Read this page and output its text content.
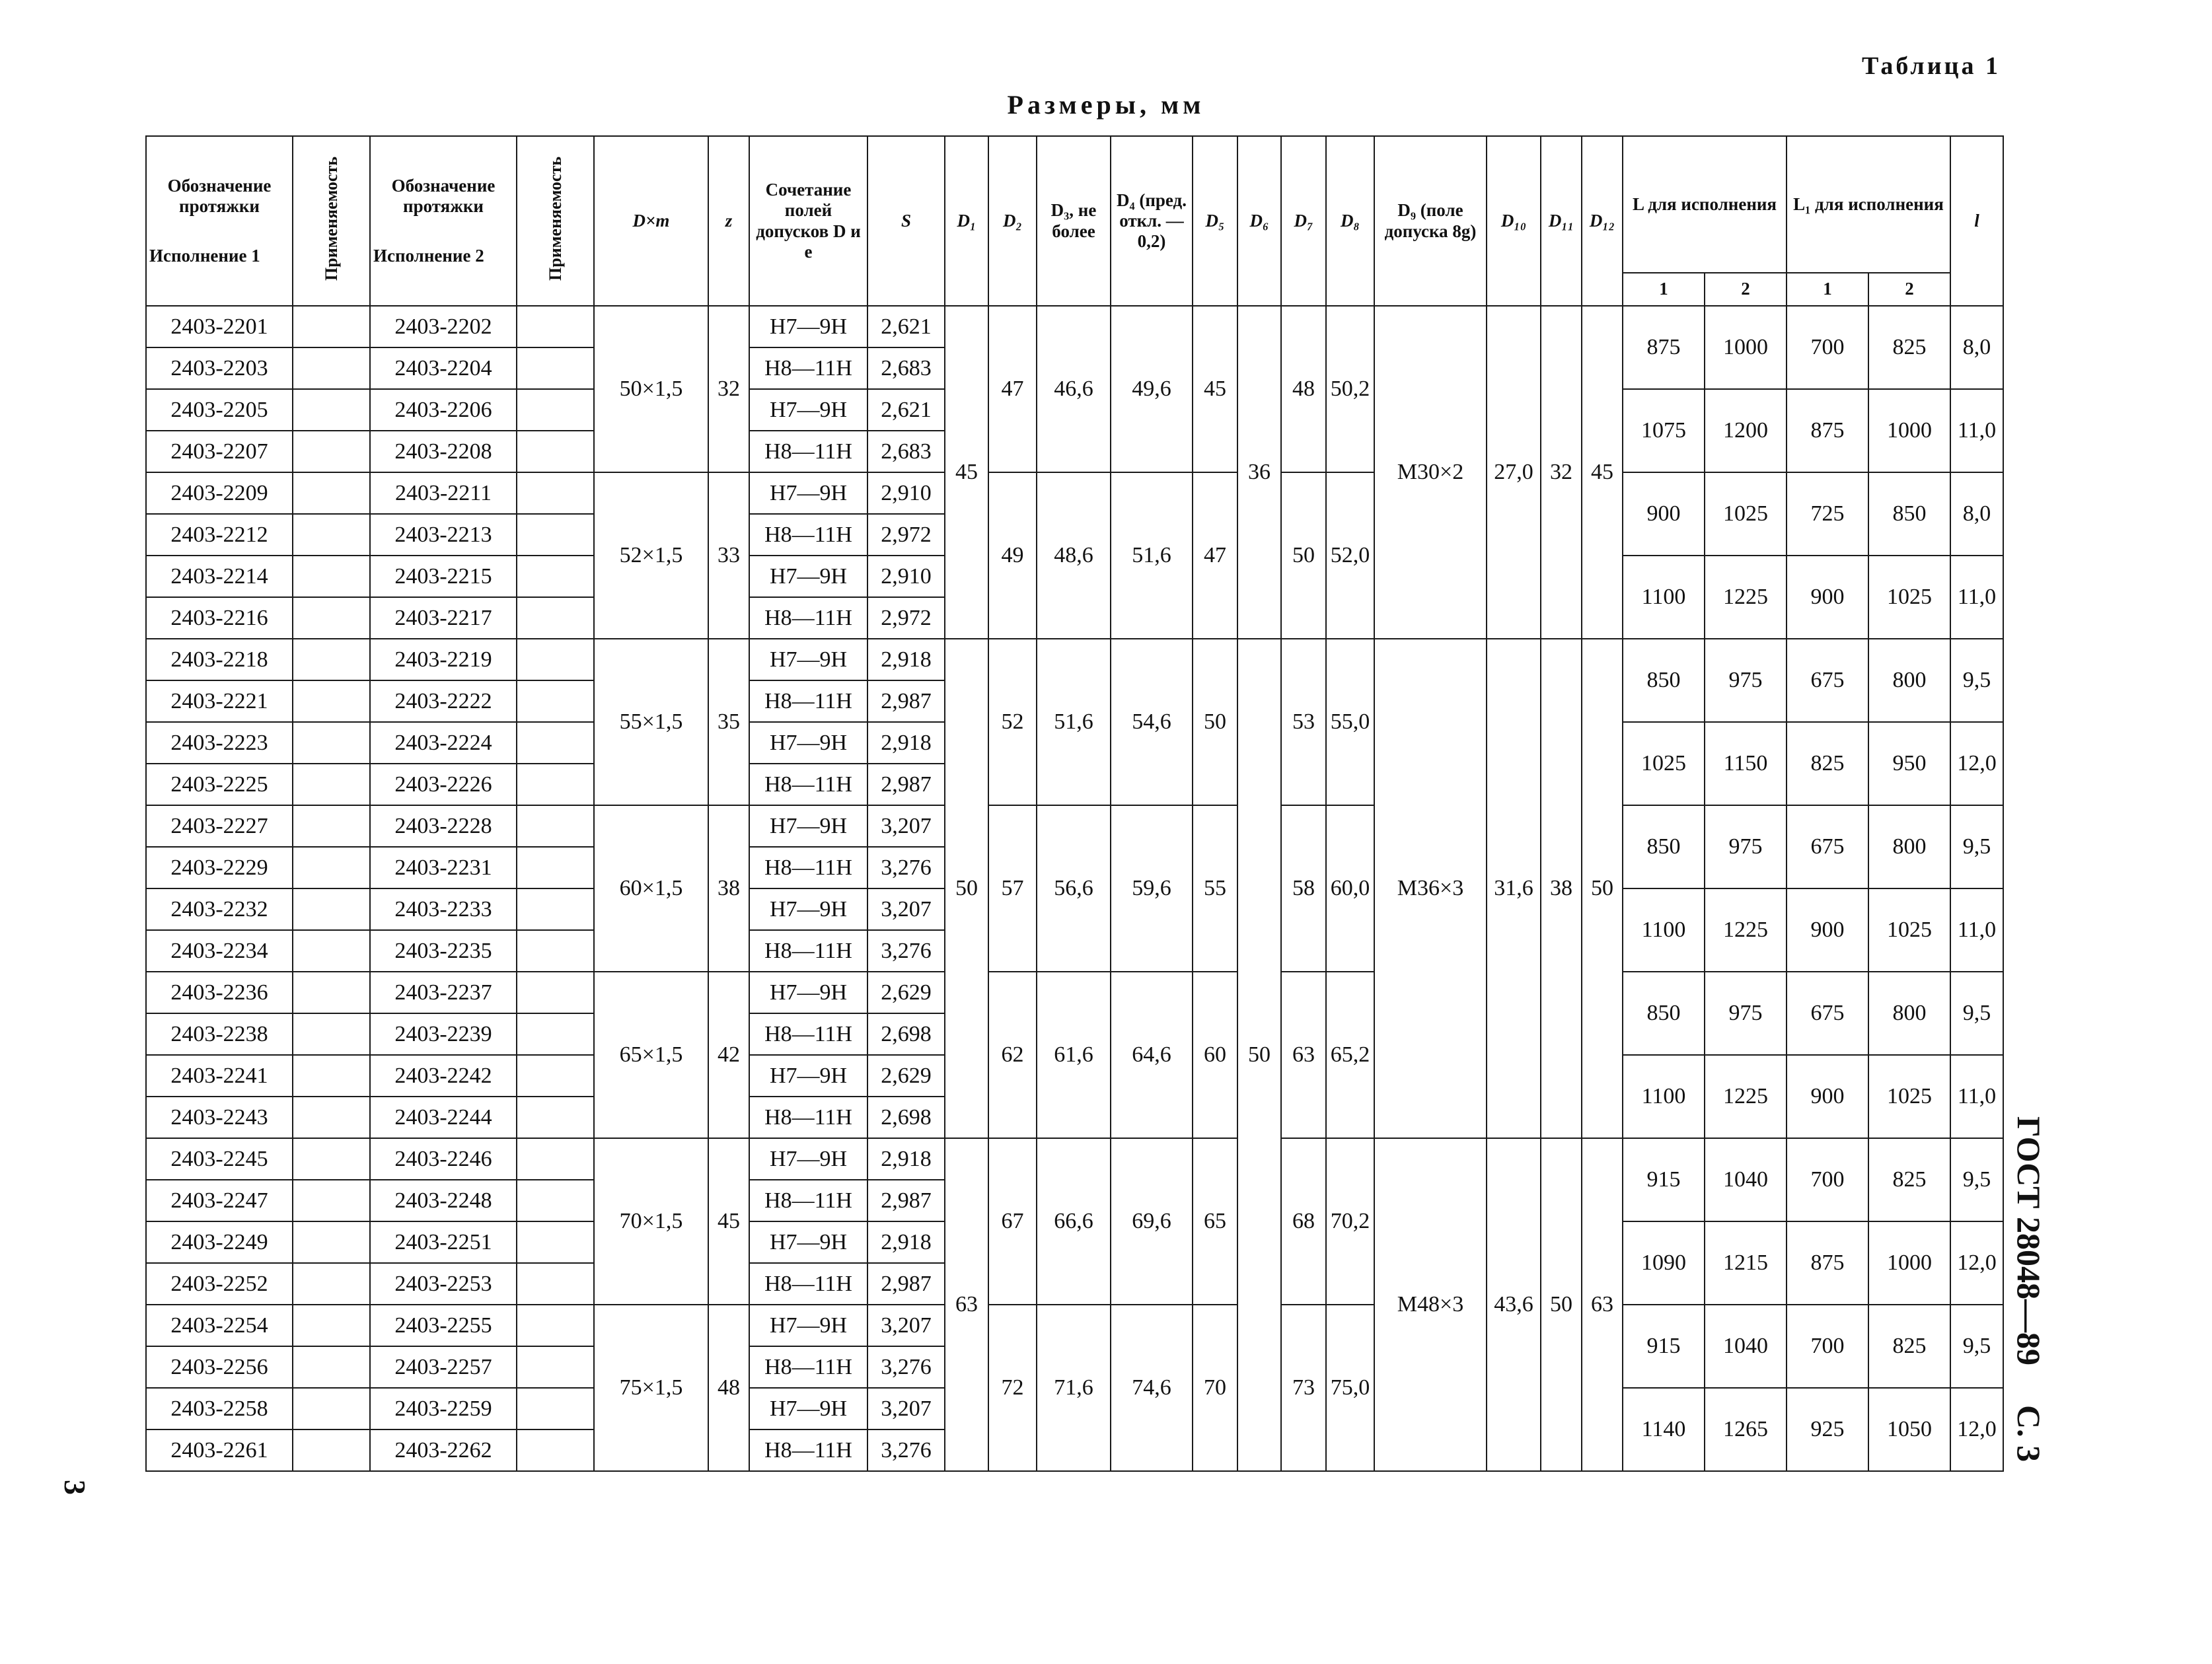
Таблица 1
Размеры, мм
Обозначение протяжки
Исполнение 1	Применяемость	Обозначение протяжки
Исполнение 2	Применяемость	D×m	z	Сочетание полей допусков D и e	S	D₁	D₂	D₃, не более	D₄ (пред. откл. —0,2)	D₅	D₆	D₇	D₈	D₉ (поле допуска 8g)	D₁₀	D₁₁	D₁₂	L для исполнения		L₁ для исполнения		l
																				1	2	1	2	
2403-2201		2403-2202		50×1,5	32	H7—9H	2,621	45	47	46,6	49,6	45	36	48	50,2	M30×2	27,0	32	45	875	1000	700	825	8,0
2403-2203		2403-2204				H8—11H	2,683																	
2403-2205		2403-2206				H7—9H	2,621													1075	1200	875	1000	11,0
2403-2207		2403-2208				H8—11H	2,683																	
2403-2209		2403-2211		52×1,5	33	H7—9H	2,910		49	48,6	51,6	47		50	52,0					900	1025	725	850	8,0
2403-2212		2403-2213				H8—11H	2,972																	
2403-2214		2403-2215				H7—9H	2,910													1100	1225	900	1025	11,0
2403-2216		2403-2217				H8—11H	2,972																	
2403-2218		2403-2219		55×1,5	35	H7—9H	2,918	50	52	51,6	54,6	50	50	53	55,0	M36×3	31,6	38	50	850	975	675	800	9,5
2403-2221		2403-2222				H8—11H	2,987																	
2403-2223		2403-2224				H7—9H	2,918													1025	1150	825	950	12,0
2403-2225		2403-2226				H8—11H	2,987																	
2403-2227		2403-2228		60×1,5	38	H7—9H	3,207		57	56,6	59,6	55		58	60,0					850	975	675	800	9,5
2403-2229		2403-2231				H8—11H	3,276																	
2403-2232		2403-2233				H7—9H	3,207													1100	1225	900	1025	11,0
2403-2234		2403-2235				H8—11H	3,276																	
2403-2236		2403-2237		65×1,5	42	H7—9H	2,629		62	61,6	64,6	60		63	65,2					850	975	675	800	9,5
2403-2238		2403-2239				H8—11H	2,698																	
2403-2241		2403-2242				H7—9H	2,629													1100	1225	900	1025	11,0
2403-2243		2403-2244				H8—11H	2,698																	
2403-2245		2403-2246		70×1,5	45	H7—9H	2,918	63	67	66,6	69,6	65		68	70,2	M48×3	43,6	50	63	915	1040	700	825	9,5
2403-2247		2403-2248				H8—11H	2,987																	
2403-2249		2403-2251				H7—9H	2,918													1090	1215	875	1000	12,0
2403-2252		2403-2253				H8—11H	2,987																	
2403-2254		2403-2255		75×1,5	48	H7—9H	3,207		72	71,6	74,6	70		73	75,0					915	1040	700	825	9,5
2403-2256		2403-2257				H8—11H	3,276																	
2403-2258		2403-2259				H7—9H	3,207													1140	1265	925	1050	12,0
2403-2261		2403-2262				H8—11H	3,276																	
3
ГОСТ 28048—89С. 3
